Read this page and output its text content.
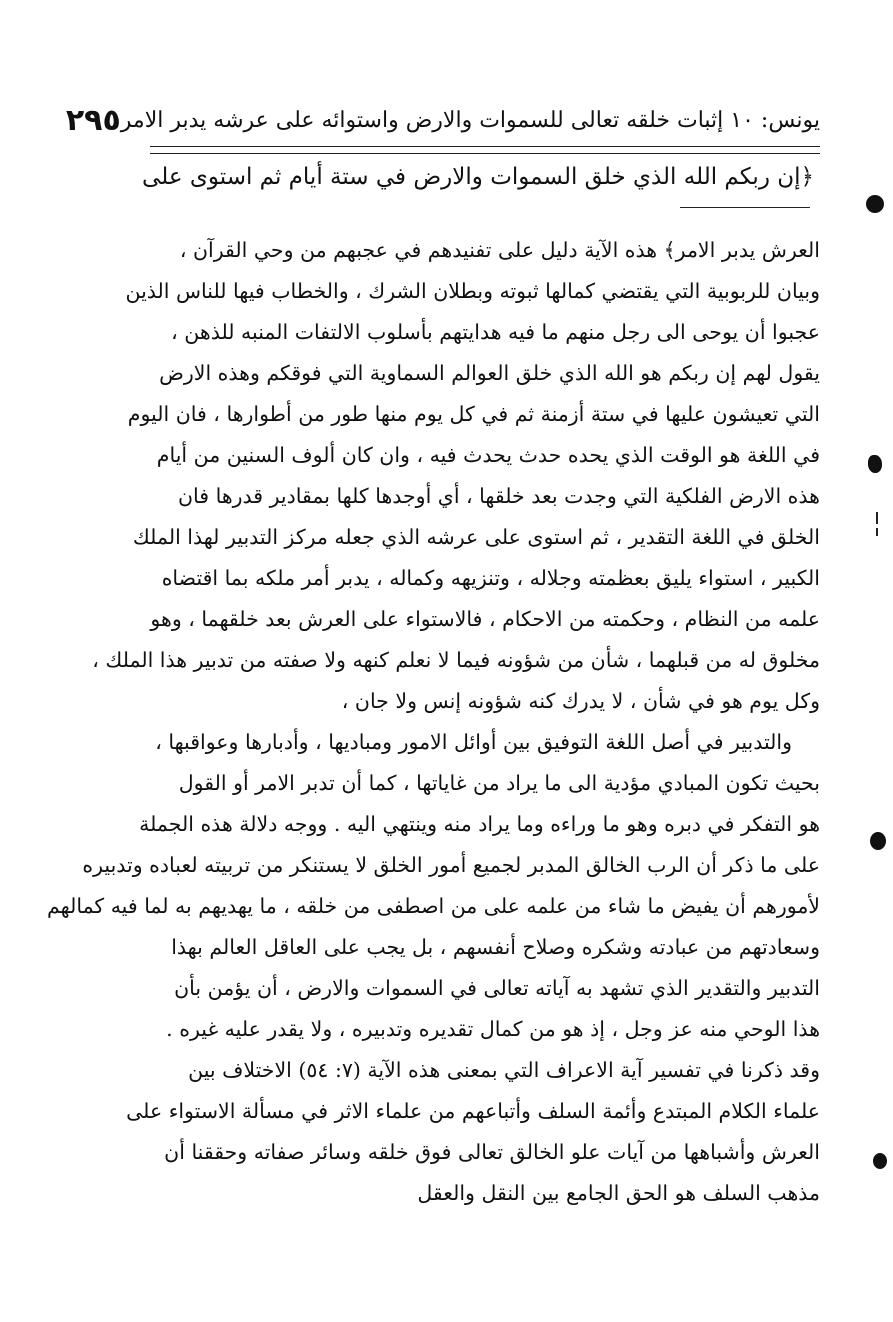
يونس: ١٠ إثبات خلقه تعالى للسموات والارض واستوائه على عرشه يدبر الامر
٢٩٥
﴿إن ربكم الله الذي خلق السموات والارض في ستة أيام ثم استوى على
العرش يدبر الامر﴾ هذه الآية دليل على تفنيدهم في عجبهم من وحي القرآن ،
وبيان للربوبية التي يقتضي كمالها ثبوته وبطلان الشرك ، والخطاب فيها للناس الذين
عجبوا أن يوحى الى رجل منهم ما فيه هدايتهم بأسلوب الالتفات المنبه للذهن ،
يقول لهم إن ربكم هو الله الذي خلق العوالم السماوية التي فوقكم وهذه الارض
التي تعيشون عليها في ستة أزمنة ثم في كل يوم منها طور من أطوارها ، فان اليوم
في اللغة هو الوقت الذي يحده حدث يحدث فيه ، وان كان ألوف السنين من أيام
هذه الارض الفلكية التي وجدت بعد خلقها ، أي أوجدها كلها بمقادير قدرها فان
الخلق في اللغة التقدير ، ثم استوى على عرشه الذي جعله مركز التدبير لهذا الملك
الكبير ، استواء يليق بعظمته وجلاله ، وتنزيهه وكماله ، يدبر أمر ملكه بما اقتضاه
علمه من النظام ، وحكمته من الاحكام ، فالاستواء على العرش بعد خلقهما ، وهو
مخلوق له من قبلهما ، شأن من شؤونه فيما لا نعلم كنهه ولا صفته من تدبير هذا الملك ،
وكل يوم هو في شأن ، لا يدرك كنه شؤونه إنس ولا جان ،
والتدبير في أصل اللغة التوفيق بين أوائل الامور ومباديها ، وأدبارها وعواقبها ،
بحيث تكون المبادي مؤدية الى ما يراد من غاياتها ، كما أن تدبر الامر أو القول
هو التفكر في دبره وهو ما وراءه وما يراد منه وينتهي اليه . ووجه دلالة هذه الجملة
على ما ذكر أن الرب الخالق المدبر لجميع أمور الخلق لا يستنكر من تربيته لعباده وتدبيره
لأمورهم أن يفيض ما شاء من علمه على من اصطفى من خلقه ، ما يهديهم به لما فيه كمالهم
وسعادتهم من عبادته وشكره وصلاح أنفسهم ، بل يجب على العاقل العالم بهذا
التدبير والتقدير الذي تشهد به آياته تعالى في السموات والارض ، أن يؤمن بأن
هذا الوحي منه عز وجل ، إذ هو من كمال تقديره وتدبيره ، ولا يقدر عليه غيره .
وقد ذكرنا في تفسير آية الاعراف التي بمعنى هذه الآية (٧: ٥٤) الاختلاف بين
علماء الكلام المبتدع وأئمة السلف وأتباعهم من علماء الاثر في مسألة الاستواء على
العرش وأشباهها من آيات علو الخالق تعالى فوق خلقه وسائر صفاته وحققنا أن
مذهب السلف هو الحق الجامع بين النقل والعقل
